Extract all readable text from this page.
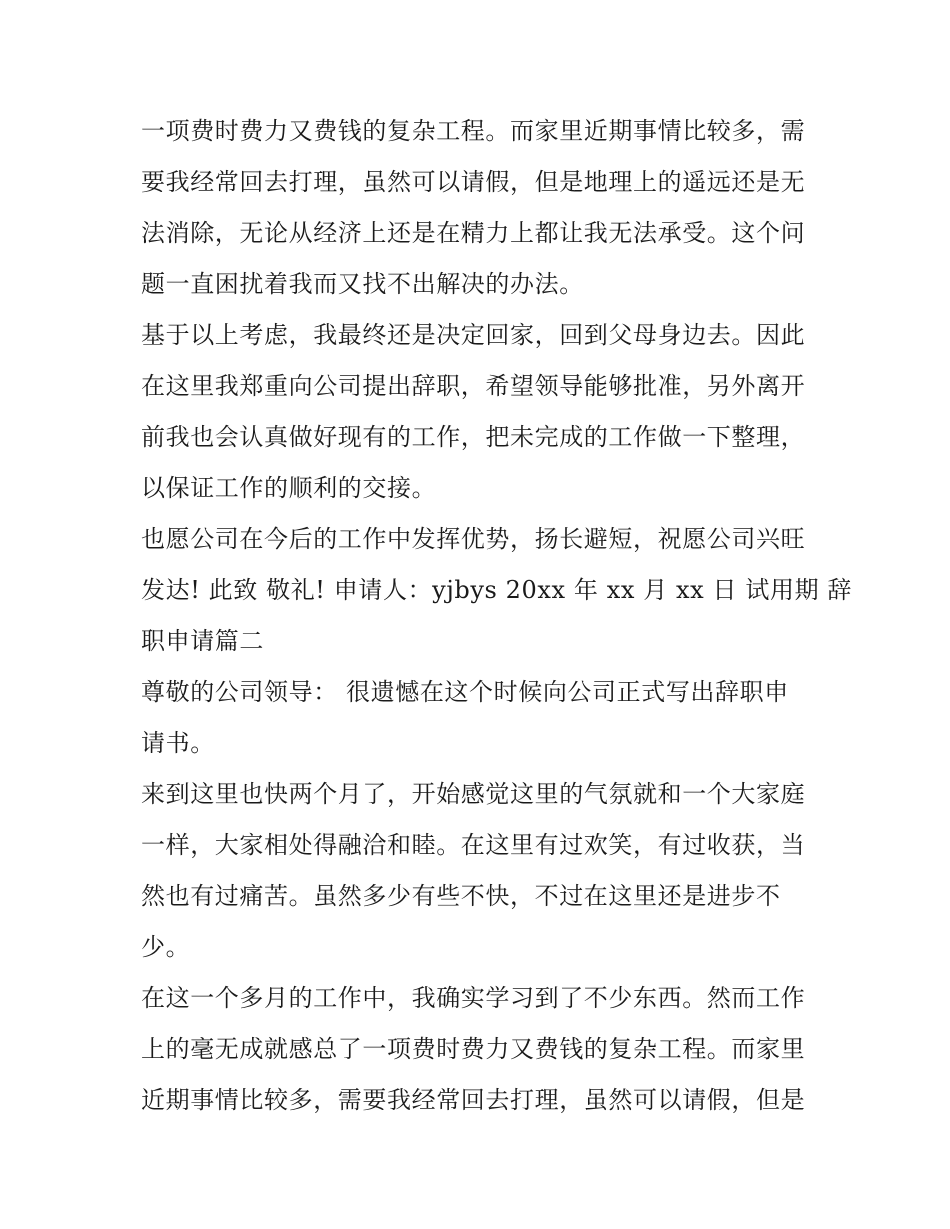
一项费时费力又费钱的复杂工程。而家里近期事情比较多，需
要我经常回去打理，虽然可以请假，但是地理上的遥远还是无
法消除，无论从经济上还是在精力上都让我无法承受。这个问
题一直困扰着我而又找不出解决的办法。
基于以上考虑，我最终还是决定回家，回到父母身边去。因此
在这里我郑重向公司提出辞职，希望领导能够批准，另外离开
前我也会认真做好现有的工作，把未完成的工作做一下整理，
以保证工作的顺利的交接。
也愿公司在今后的工作中发挥优势，扬长避短，祝愿公司兴旺
发达! 此致 敬礼! 申请人：yjbys 20xx 年 xx 月 xx 日 试用期 辞
职申请篇二
尊敬的公司领导： 很遗憾在这个时候向公司正式写出辞职申
请书。
来到这里也快两个月了，开始感觉这里的气氛就和一个大家庭
一样，大家相处得融洽和睦。在这里有过欢笑，有过收获，当
然也有过痛苦。虽然多少有些不快，不过在这里还是进步不
少。
在这一个多月的工作中，我确实学习到了不少东西。然而工作
上的毫无成就感总了一项费时费力又费钱的复杂工程。而家里
近期事情比较多，需要我经常回去打理，虽然可以请假，但是
